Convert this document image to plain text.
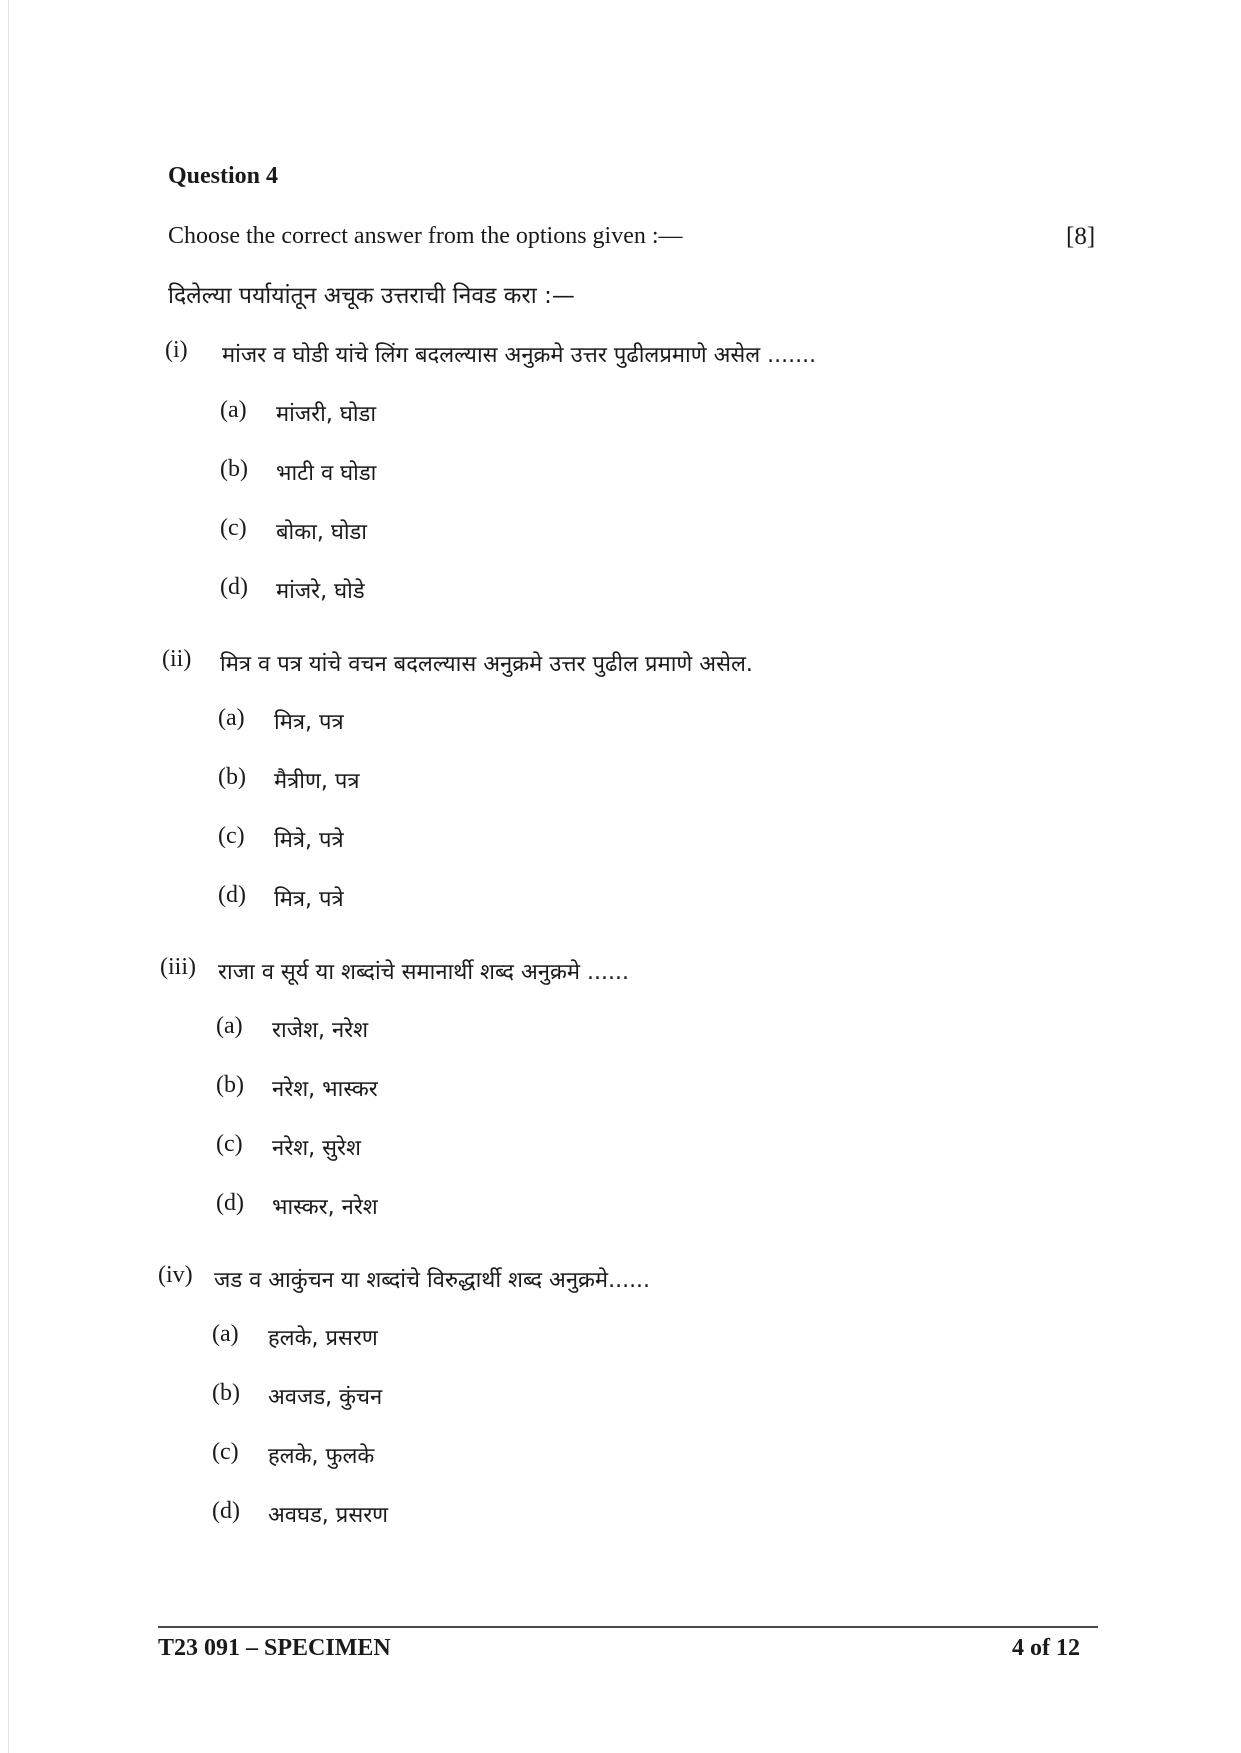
Question 4
Choose the correct answer from the options given :—	[8]
दिलेल्या पर्यायांतून अचूक उत्तराची निवड करा :—
(i) मांजर व घोडी यांचे लिंग बदलल्यास अनुक्रमे उत्तर पुढीलप्रमाणे असेल .......
(a) मांजरी, घोडा
(b) भाटी व घोडा
(c) बोका, घोडा
(d) मांजरे, घोडे
(ii) मित्र व पत्र यांचे वचन बदलल्यास अनुक्रमे उत्तर पुढील प्रमाणे असेल.
(a) मित्र, पत्र
(b) मैत्रीण, पत्र
(c) मित्रे, पत्रे
(d) मित्र, पत्रे
(iii) राजा व सूर्य या शब्दांचे समानार्थी शब्द अनुक्रमे ......
(a) राजेश, नरेश
(b) नरेश, भास्कर
(c) नरेश, सुरेश
(d) भास्कर, नरेश
(iv) जड व आकुंचन या शब्दांचे विरुद्धार्थी शब्द अनुक्रमे......
(a) हलके, प्रसरण
(b) अवजड, कुंचन
(c) हलके, फुलके
(d) अवघड, प्रसरण
T23 091 – SPECIMEN	4 of 12
